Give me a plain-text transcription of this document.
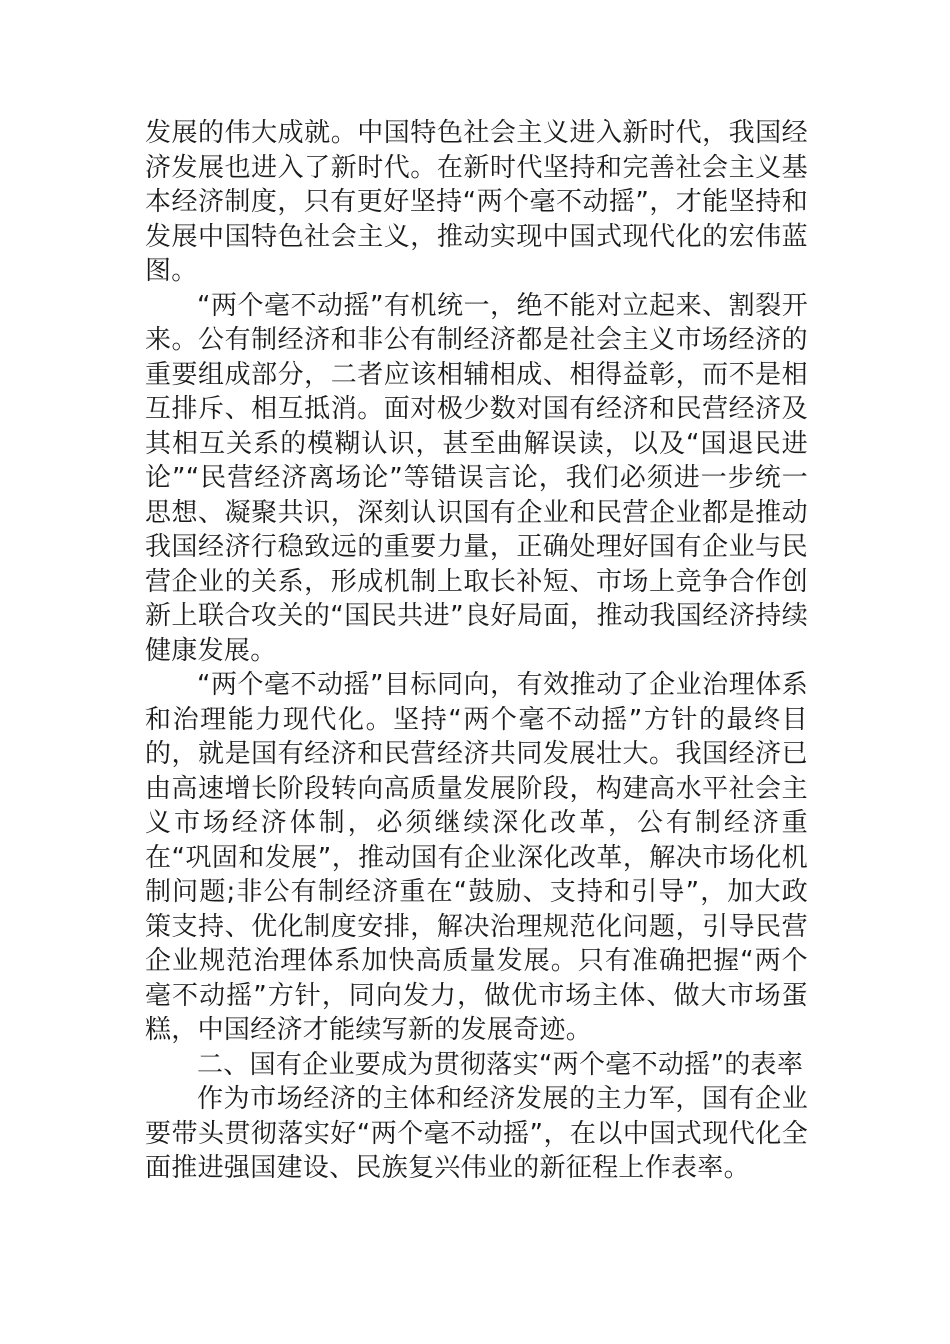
发展的伟大成就。中国特色社会主义进入新时代，我国经济发展也进入了新时代。在新时代坚持和完善社会主义基本经济制度，只有更好坚持“两个毫不动摇”，才能坚持和发展中国特色社会主义，推动实现中国式现代化的宏伟蓝图。

“两个毫不动摇”有机统一，绝不能对立起来、割裂开来。公有制经济和非公有制经济都是社会主义市场经济的重要组成部分，二者应该相辅相成、相得益彰，而不是相互排斥、相互抵消。面对极少数对国有经济和民营经济及其相互关系的模糊认识，甚至曲解误读，以及“国退民进论”“民营经济离场论”等错误言论，我们必须进一步统一思想、凝聚共识，深刻认识国有企业和民营企业都是推动我国经济行稳致远的重要力量，正确处理好国有企业与民营企业的关系，形成机制上取长补短、市场上竞争合作创新上联合攻关的“国民共进”良好局面，推动我国经济持续健康发展。

“两个毫不动摇”目标同向，有效推动了企业治理体系和治理能力现代化。坚持“两个毫不动摇”方针的最终目的，就是国有经济和民营经济共同发展壮大。我国经济已由高速增长阶段转向高质量发展阶段，构建高水平社会主义市场经济体制，必须继续深化改革，公有制经济重在“巩固和发展”，推动国有企业深化改革，解决市场化机制问题;非公有制经济重在“鼓励、支持和引导”，加大政策支持、优化制度安排，解决治理规范化问题，引导民营企业规范治理体系加快高质量发展。只有准确把握“两个毫不动摇”方针，同向发力，做优市场主体、做大市场蛋糕，中国经济才能续写新的发展奇迹。

二、国有企业要成为贯彻落实“两个毫不动摇”的表率

作为市场经济的主体和经济发展的主力军，国有企业要带头贯彻落实好“两个毫不动摇”，在以中国式现代化全面推进强国建设、民族复兴伟业的新征程上作表率。
